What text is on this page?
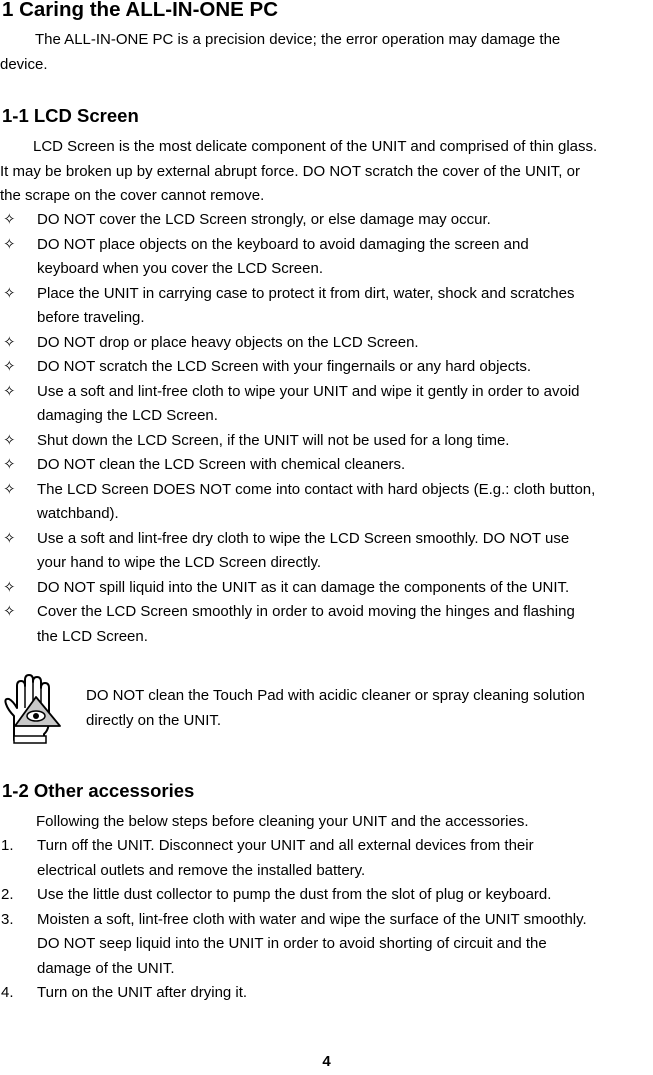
1 Caring the ALL-IN-ONE PC

The ALL-IN-ONE PC is a precision device; the error operation may damage the
device.

1-1 LCD Screen

LCD Screen is the most delicate component of the UNIT and comprised of thin glass.
It may be broken up by external abrupt force. DO NOT scratch the cover of the UNIT, or
the scrape on the cover cannot remove.

✧ DO NOT cover the LCD Screen strongly, or else damage may occur.
✧ DO NOT place objects on the keyboard to avoid damaging the screen and
keyboard when you cover the LCD Screen.
✧ Place the UNIT in carrying case to protect it from dirt, water, shock and scratches
before traveling.
✧ DO NOT drop or place heavy objects on the LCD Screen.
✧ DO NOT scratch the LCD Screen with your fingernails or any hard objects.
✧ Use a soft and lint-free cloth to wipe your UNIT and wipe it gently in order to avoid
damaging the LCD Screen.
✧ Shut down the LCD Screen, if the UNIT will not be used for a long time.
✧ DO NOT clean the LCD Screen with chemical cleaners.
✧ The LCD Screen DOES NOT come into contact with hard objects (E.g.: cloth button,
watchband).
✧ Use a soft and lint-free dry cloth to wipe the LCD Screen smoothly. DO NOT use
your hand to wipe the LCD Screen directly.
✧ DO NOT spill liquid into the UNIT as it can damage the components of the UNIT.
✧ Cover the LCD Screen smoothly in order to avoid moving the hinges and flashing
the LCD Screen.
DO NOT clean the Touch Pad with acidic cleaner or spray cleaning solution
directly on the UNIT.
1-2 Other accessories

Following the below steps before cleaning your UNIT and the accessories.

1. Turn off the UNIT. Disconnect your UNIT and all external devices from their
electrical outlets and remove the installed battery.
2. Use the little dust collector to pump the dust from the slot of plug or keyboard.
3. Moisten a soft, lint-free cloth with water and wipe the surface of the UNIT smoothly.
DO NOT seep liquid into the UNIT in order to avoid shorting of circuit and the
damage of the UNIT.
4. Turn on the UNIT after drying it.
4
